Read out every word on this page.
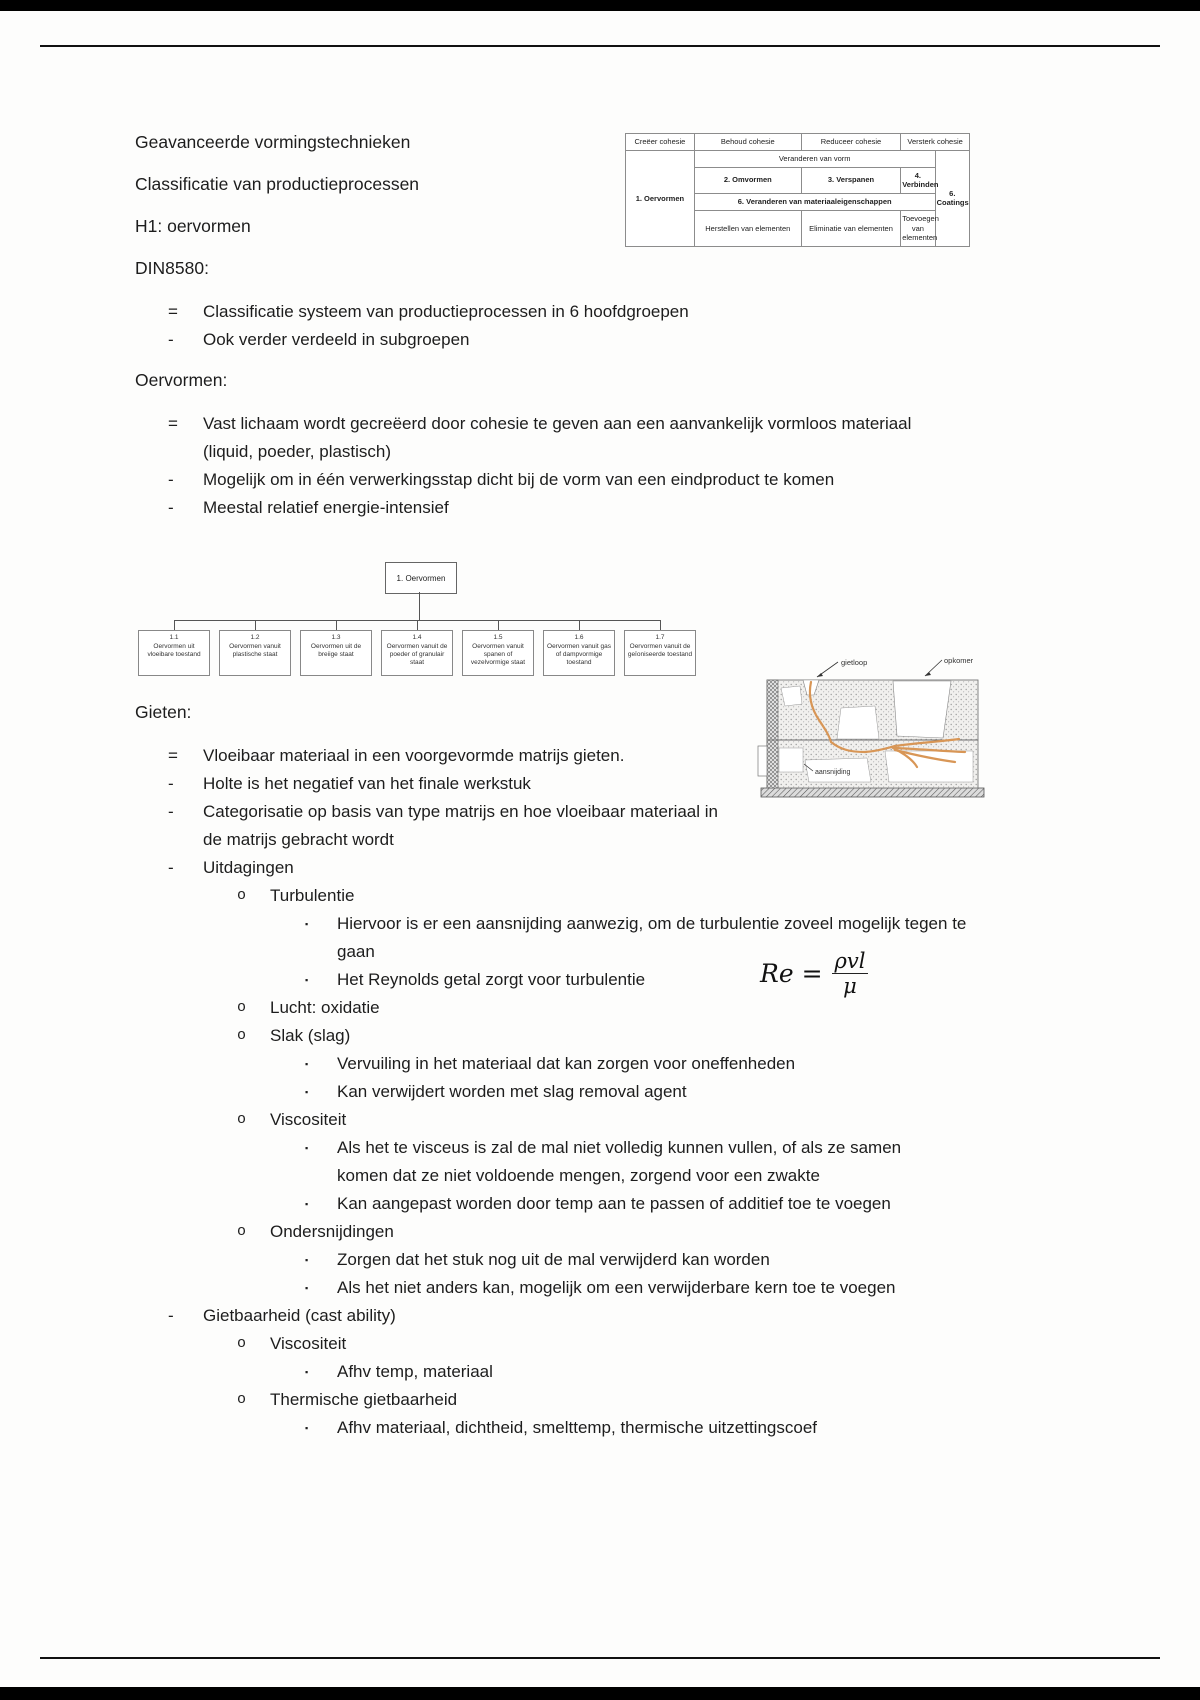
Creëer cohesie	Behoud cohesie	Reduceer cohesie	Versterk cohesie	
1. Oervormen	Veranderen van vorm			6. Coatings
	2. Omvormen	3. Verspanen	4. Verbinden	
	6. Veranderen van materiaaleigenschappen			
	Herstellen van elementen	Eliminatie van elementen	Toevoegen van elementen	
gietloop	opkomer
aansnijding

Geavanceerde vormingstechnieken

Classificatie van productieprocessen

H1: oervormen

DIN8580:

=	Classificatie systeem van productieprocessen in 6 hoofdgroepen
-	Ook verder verdeeld in subgroepen

Oervormen:

=	Vast lichaam wordt gecreëerd door cohesie te geven aan een aanvankelijk vormloos materiaal (liquid, poeder, plastisch)
-	Mogelijk om in één verwerkingsstap dicht bij de vorm van een eindproduct te komen
-	Meestal relatief energie-intensief
1. Oervormen
1.1
Oervormen uit vloeibare toestand
1.2
Oervormen vanuit plastische staat
1.3
Oervormen uit de breiige staat
1.4
Oervormen vanuit de poeder of granulair staat
1.5
Oervormen vanuit spanen of vezelvormige staat
1.6
Oervormen vanuit gas of dampvormige toestand
1.7
Oervormen vanuit de geïoniseerde toestand

Gieten:

=	Vloeibaar materiaal in een voorgevormde matrijs gieten.
-	Holte is het negatief van het finale werkstuk
-	Categorisatie op basis van type matrijs en hoe vloeibaar materiaal in de matrijs gebracht wordt
-	Uitdagingen
o	Turbulentie
▪	Hiervoor is er een aansnijding aanwezig, om de turbulentie zoveel mogelijk tegen te gaan
▪	Het Reynolds getal zorgt voor turbulentie	$Re = \frac{\text{ρvl}}{\mu}$
o	Lucht: oxidatie
o	Slak (slag)
▪	Vervuiling in het materiaal dat kan zorgen voor oneffenheden
▪	Kan verwijdert worden met slag removal agent
o	Viscositeit
▪	Als het te visceus is zal de mal niet volledig kunnen vullen, of als ze samen komen dat ze niet voldoende mengen, zorgend voor een zwakte
▪	Kan aangepast worden door temp aan te passen of additief toe te voegen
o	Ondersnijdingen
▪	Zorgen dat het stuk nog uit de mal verwijderd kan worden
▪	Als het niet anders kan, mogelijk om een verwijderbare kern toe te voegen
-	Gietbaarheid (cast ability)
o	Viscositeit
▪	Afhv temp, materiaal
o	Thermische gietbaarheid
▪	Afhv materiaal, dichtheid, smelttemp, thermische uitzettingscoef
